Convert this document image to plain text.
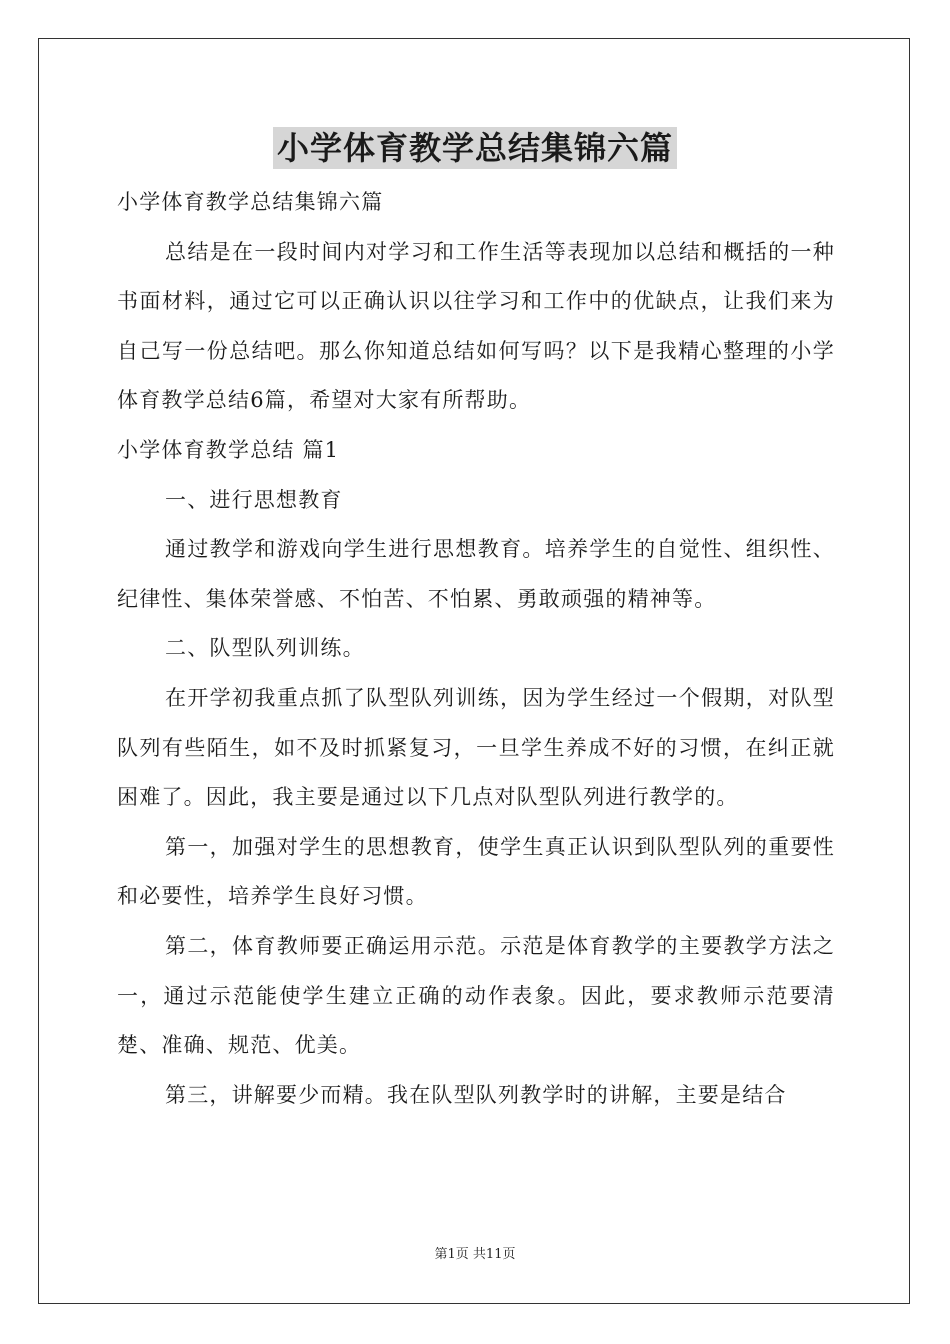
小学体育教学总结集锦六篇

小学体育教学总结集锦六篇

总结是在一段时间内对学习和工作生活等表现加以总结和概括的一种书面材料，通过它可以正确认识以往学习和工作中的优缺点，让我们来为自己写一份总结吧。那么你知道总结如何写吗？以下是我精心整理的小学体育教学总结6篇，希望对大家有所帮助。

小学体育教学总结 篇1

一、进行思想教育

通过教学和游戏向学生进行思想教育。培养学生的自觉性、组织性、纪律性、集体荣誉感、不怕苦、不怕累、勇敢顽强的精神等。

二、队型队列训练。

在开学初我重点抓了队型队列训练，因为学生经过一个假期，对队型队列有些陌生，如不及时抓紧复习，一旦学生养成不好的习惯，在纠正就困难了。因此，我主要是通过以下几点对队型队列进行教学的。

第一，加强对学生的思想教育，使学生真正认识到队型队列的重要性和必要性，培养学生良好习惯。

第二，体育教师要正确运用示范。示范是体育教学的主要教学方法之一，通过示范能使学生建立正确的动作表象。因此，要求教师示范要清楚、准确、规范、优美。

第三，讲解要少而精。我在队型队列教学时的讲解，主要是结合

第1页 共11页
